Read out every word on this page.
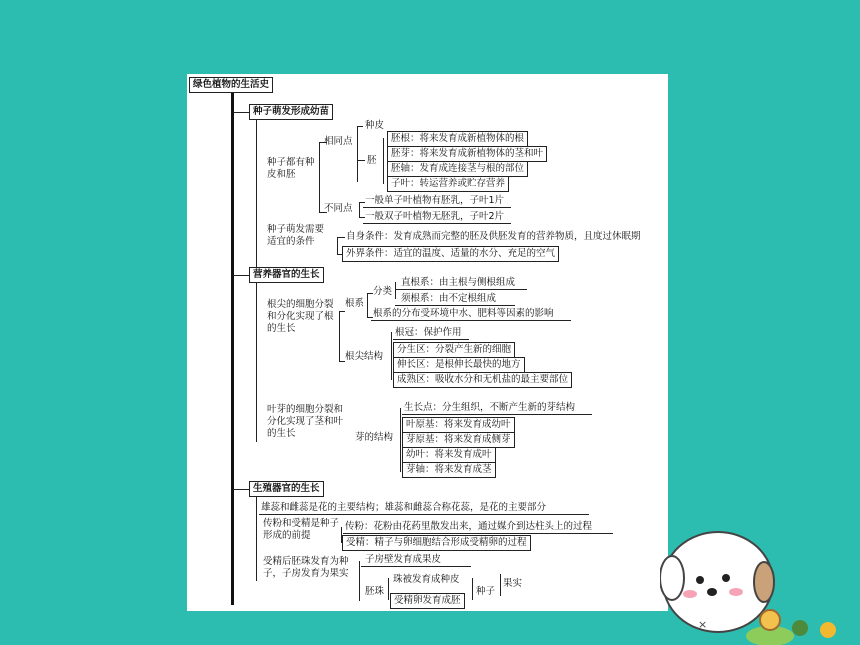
绿色植物的生活史
种子萌发形成幼苗
种子都有种皮和胚
相同点
种皮
胚
胚根：将来发育成新植物体的根
胚芽：将来发育成新植物体的茎和叶
胚轴：发育成连接茎与根的部位
子叶：转运营养或贮存营养
不同点
一般单子叶植物有胚乳，子叶1片
一般双子叶植物无胚乳，子叶2片
种子萌发需要适宜的条件	自身条件：发育成熟而完整的胚及供胚发育的营养物质，且度过休眠期
外界条件：适宜的温度、适量的水分、充足的空气
营养器官的生长
根尖的细胞分裂和分化实现了根的生长
根系
分类
直根系：由主根与侧根组成
须根系：由不定根组成
根系的分布受环境中水、肥料等因素的影响
根尖结构
根冠：保护作用
分生区：分裂产生新的细胞
伸长区：是根伸长最快的地方
成熟区：吸收水分和无机盐的最主要部位
叶芽的细胞分裂和分化实现了茎和叶的生长	芽的结构
生长点：分生组织，不断产生新的芽结构
叶原基：将来发育成幼叶
芽原基：将来发育成侧芽
幼叶：将来发育成叶
芽轴：将来发育成茎
生殖器官的生长
雄蕊和雌蕊是花的主要结构；雄蕊和雌蕊合称花蕊，是花的主要部分
传粉和受精是种子形成的前提
传粉：花粉由花药里散发出来，通过媒介到达柱头上的过程
受精：精子与卵细胞结合形成受精卵的过程
受精后胚珠发育为种子，子房发育为果实
子房壁发育成果皮
胚珠
珠被发育成种皮
受精卵发育成胚
种子
果实
×
